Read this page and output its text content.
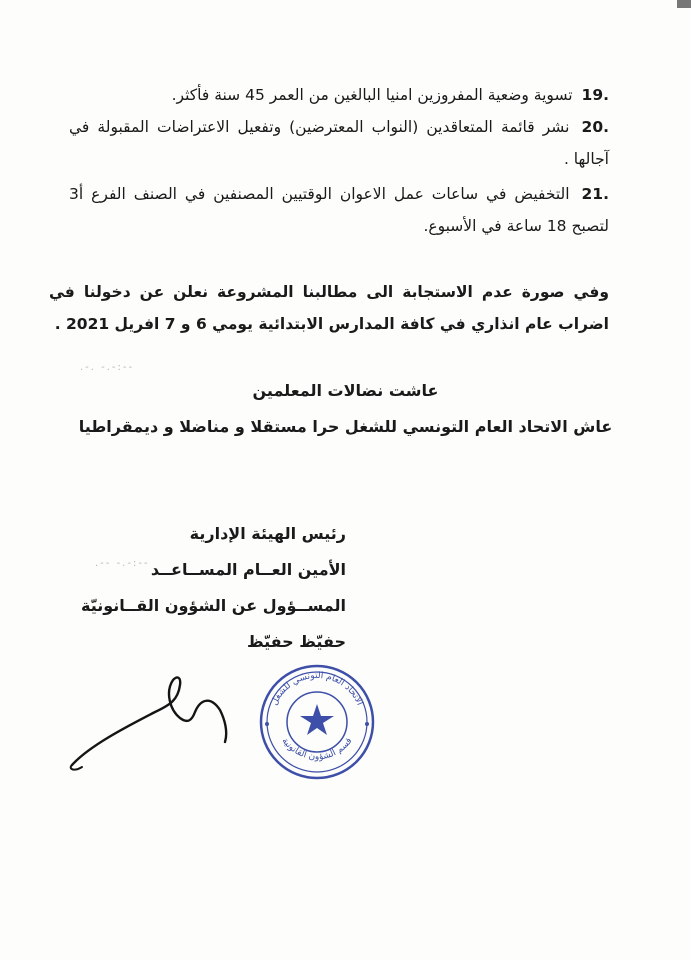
.19 تسوية وضعية المفروزين امنيا البالغين من العمر 45 سنة فأكثر.
.20 نشر قائمة المتعاقدين (النواب المعترضين) وتفعيل الاعتراضات المقبولة في آجالها .
.21 التخفيض في ساعات عمل الاعوان الوقتيين المصنفين في الصنف الفرع أ3 لتصبح 18 ساعة في الأسبوع.
وفي صورة عدم الاستجابة الى مطالبنا المشروعة نعلن عن دخولنا في اضراب عام انذاري في كافة المدارس الابتدائية يومي 6 و 7 افريل 2021 .
.-. -.-:--
.-- -.-:--
عاشت نضالات المعلمين
عاش الاتحاد العام التونسي للشغل حرا مستقلا و مناضلا و ديمقراطيا
رئيس الهيئة الإدارية
الأمين العــام المســاعــد
المســؤول عن الشؤون القــانونيّة
حفيّظ حفيّظ
الاتحاد العام التونسي للشغل
قسم الشؤون القانونية
